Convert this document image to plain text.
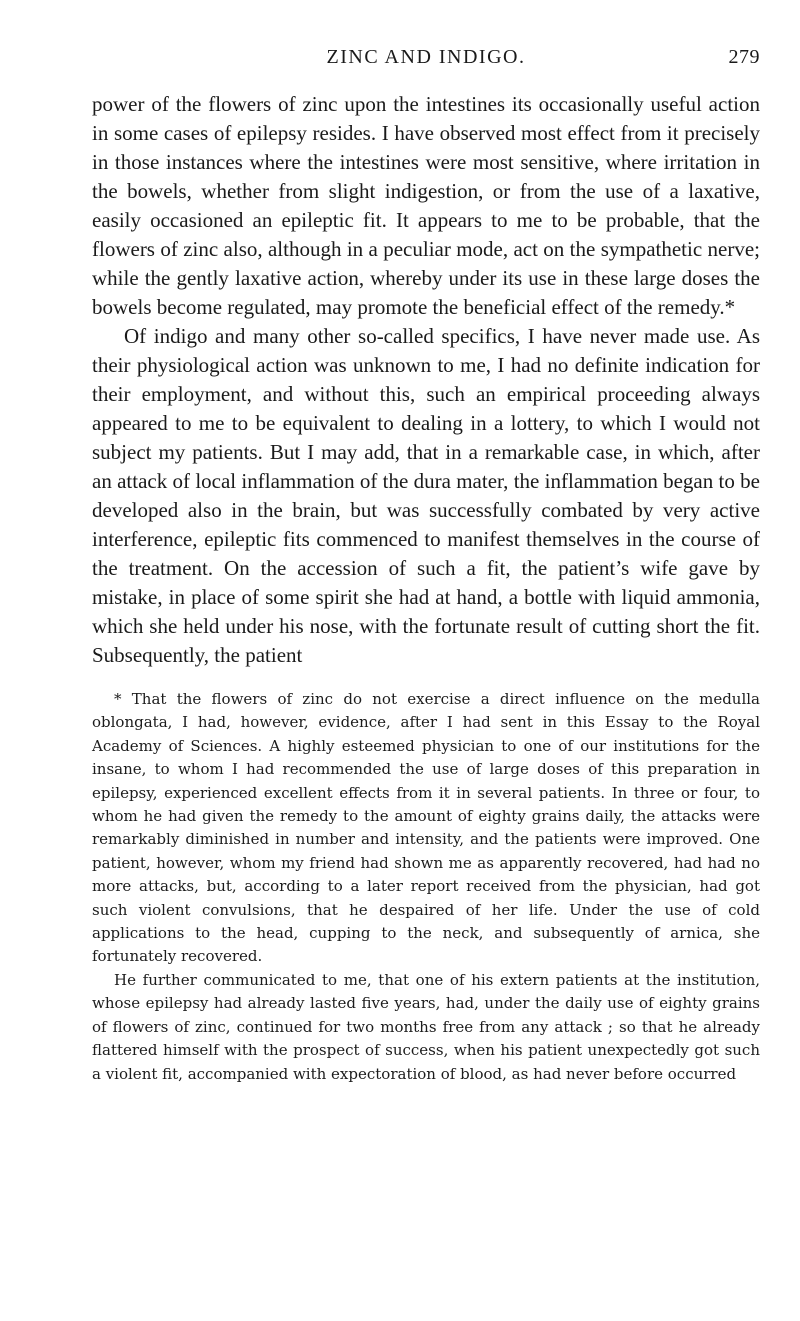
ZINC AND INDIGO.	279

power of the flowers of zinc upon the intestines its occasionally useful action in some cases of epilepsy resides. I have observed most effect from it precisely in those instances where the intestines were most sensitive, where irritation in the bowels, whether from slight indigestion, or from the use of a laxative, easily occasioned an epileptic fit. It appears to me to be probable, that the flowers of zinc also, although in a peculiar mode, act on the sympathetic nerve; while the gently laxative action, whereby under its use in these large doses the bowels become regulated, may promote the beneficial effect of the remedy.*

Of indigo and many other so-called specifics, I have never made use. As their physiological action was unknown to me, I had no definite indication for their employment, and without this, such an empirical proceeding always appeared to me to be equivalent to dealing in a lottery, to which I would not subject my patients. But I may add, that in a remarkable case, in which, after an attack of local inflammation of the dura mater, the inflammation began to be developed also in the brain, but was successfully combated by very active interference, epileptic fits commenced to manifest themselves in the course of the treatment. On the accession of such a fit, the patient’s wife gave by mistake, in place of some spirit she had at hand, a bottle with liquid ammonia, which she held under his nose, with the fortunate result of cutting short the fit. Subsequently, the patient

* That the flowers of zinc do not exercise a direct influence on the medulla oblongata, I had, however, evidence, after I had sent in this Essay to the Royal Academy of Sciences. A highly esteemed physician to one of our institutions for the insane, to whom I had recommended the use of large doses of this preparation in epilepsy, experienced excellent effects from it in several patients. In three or four, to whom he had given the remedy to the amount of eighty grains daily, the attacks were remarkably diminished in number and intensity, and the patients were improved. One patient, however, whom my friend had shown me as apparently recovered, had had no more attacks, but, according to a later report received from the physician, had got such violent convulsions, that he despaired of her life. Under the use of cold applications to the head, cupping to the neck, and subsequently of arnica, she fortunately recovered.

He further communicated to me, that one of his extern patients at the institution, whose epilepsy had already lasted five years, had, under the daily use of eighty grains of flowers of zinc, continued for two months free from any attack ; so that he already flattered himself with the prospect of success, when his patient unexpectedly got such a violent fit, accompanied with expectoration of blood, as had never before occurred
